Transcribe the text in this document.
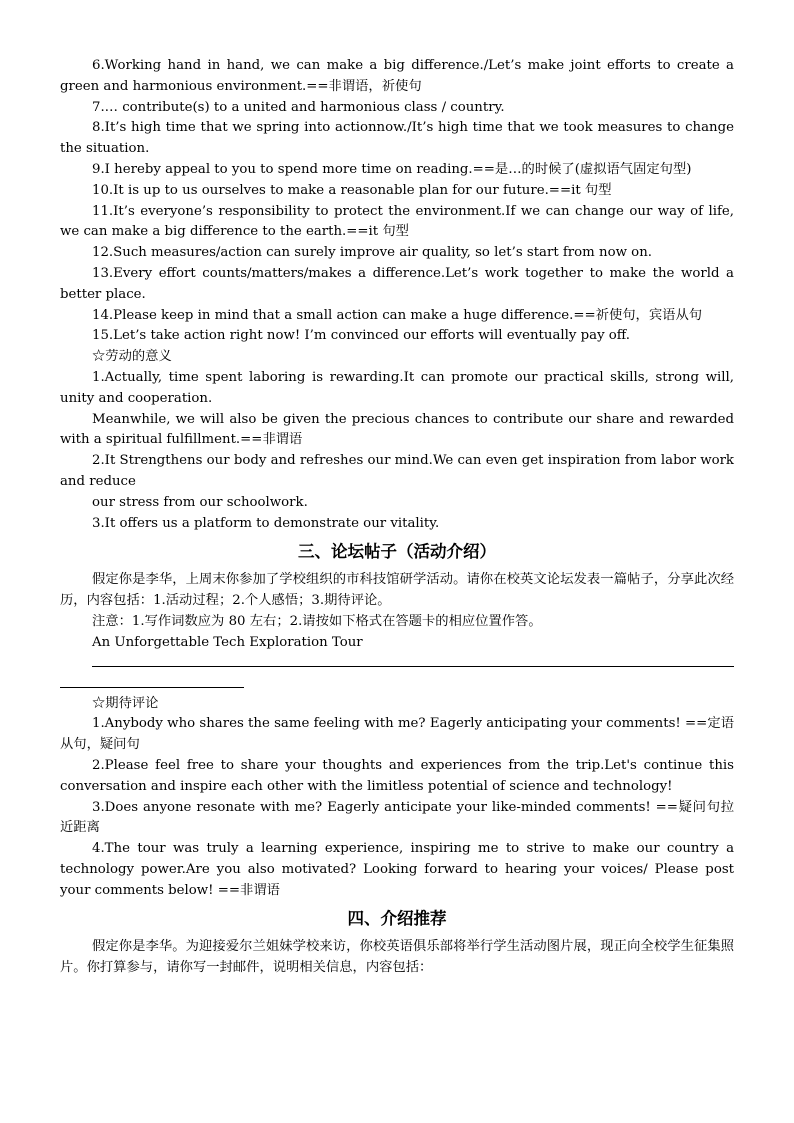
6.Working hand in hand, we can make a big difference./Let’s make joint efforts to create a green and harmonious environment.==非谓语，祈使句

7.… contribute(s) to a united and harmonious class / country.

8.It’s high time that we spring into actionnow./It’s high time that we took measures to change the situation.

9.I hereby appeal to you to spend more time on reading.==是…的时候了(虚拟语气固定句型)

10.It is up to us ourselves to make a reasonable plan for our future.==it 句型

11.It’s everyone’s responsibility to protect the environment.If we can change our way of life, we can make a big difference to the earth.==it 句型

12.Such measures/action can surely improve air quality, so let’s start from now on.

13.Every effort counts/matters/makes a difference.Let’s work together to make the world a better place.

14.Please keep in mind that a small action can make a huge difference.==祈使句，宾语从句

15.Let’s take action right now! I’m convinced our efforts will eventually pay off.

☆劳动的意义

1.Actually, time spent laboring is rewarding.It can promote our practical skills, strong will, unity and cooperation.

Meanwhile, we will also be given the precious chances to contribute our share and rewarded with a spiritual fulfillment.==非谓语

2.It Strengthens our body and refreshes our mind.We can even get inspiration from labor work and reduce

our stress from our schoolwork.

3.It offers us a platform to demonstrate our vitality.

三、论坛帖子（活动介绍）

假定你是李华，上周末你参加了学校组织的市科技馆研学活动。请你在校英文论坛发表一篇帖子，分享此次经历，内容包括：1.活动过程；2.个人感悟；3.期待评论。

注意：1.写作词数应为 80 左右；2.请按如下格式在答题卡的相应位置作答。

An Unforgettable Tech Exploration Tour

☆期待评论

1.Anybody who shares the same feeling with me? Eagerly anticipating your comments! ==定语从句，疑问句

2.Please feel free to share your thoughts and experiences from the trip.Let's continue this conversation and inspire each other with the limitless potential of science and technology!

3.Does anyone resonate with me? Eagerly anticipate your like-minded comments! ==疑问句拉近距离

4.The tour was truly a learning experience, inspiring me to strive to make our country a technology power.Are you also motivated? Looking forward to hearing your voices/ Please post your comments below! ==非谓语

四、介绍推荐

假定你是李华。为迎接爱尔兰姐妹学校来访，你校英语俱乐部将举行学生活动图片展，现正向全校学生征集照片。你打算参与，请你写一封邮件，说明相关信息，内容包括：
